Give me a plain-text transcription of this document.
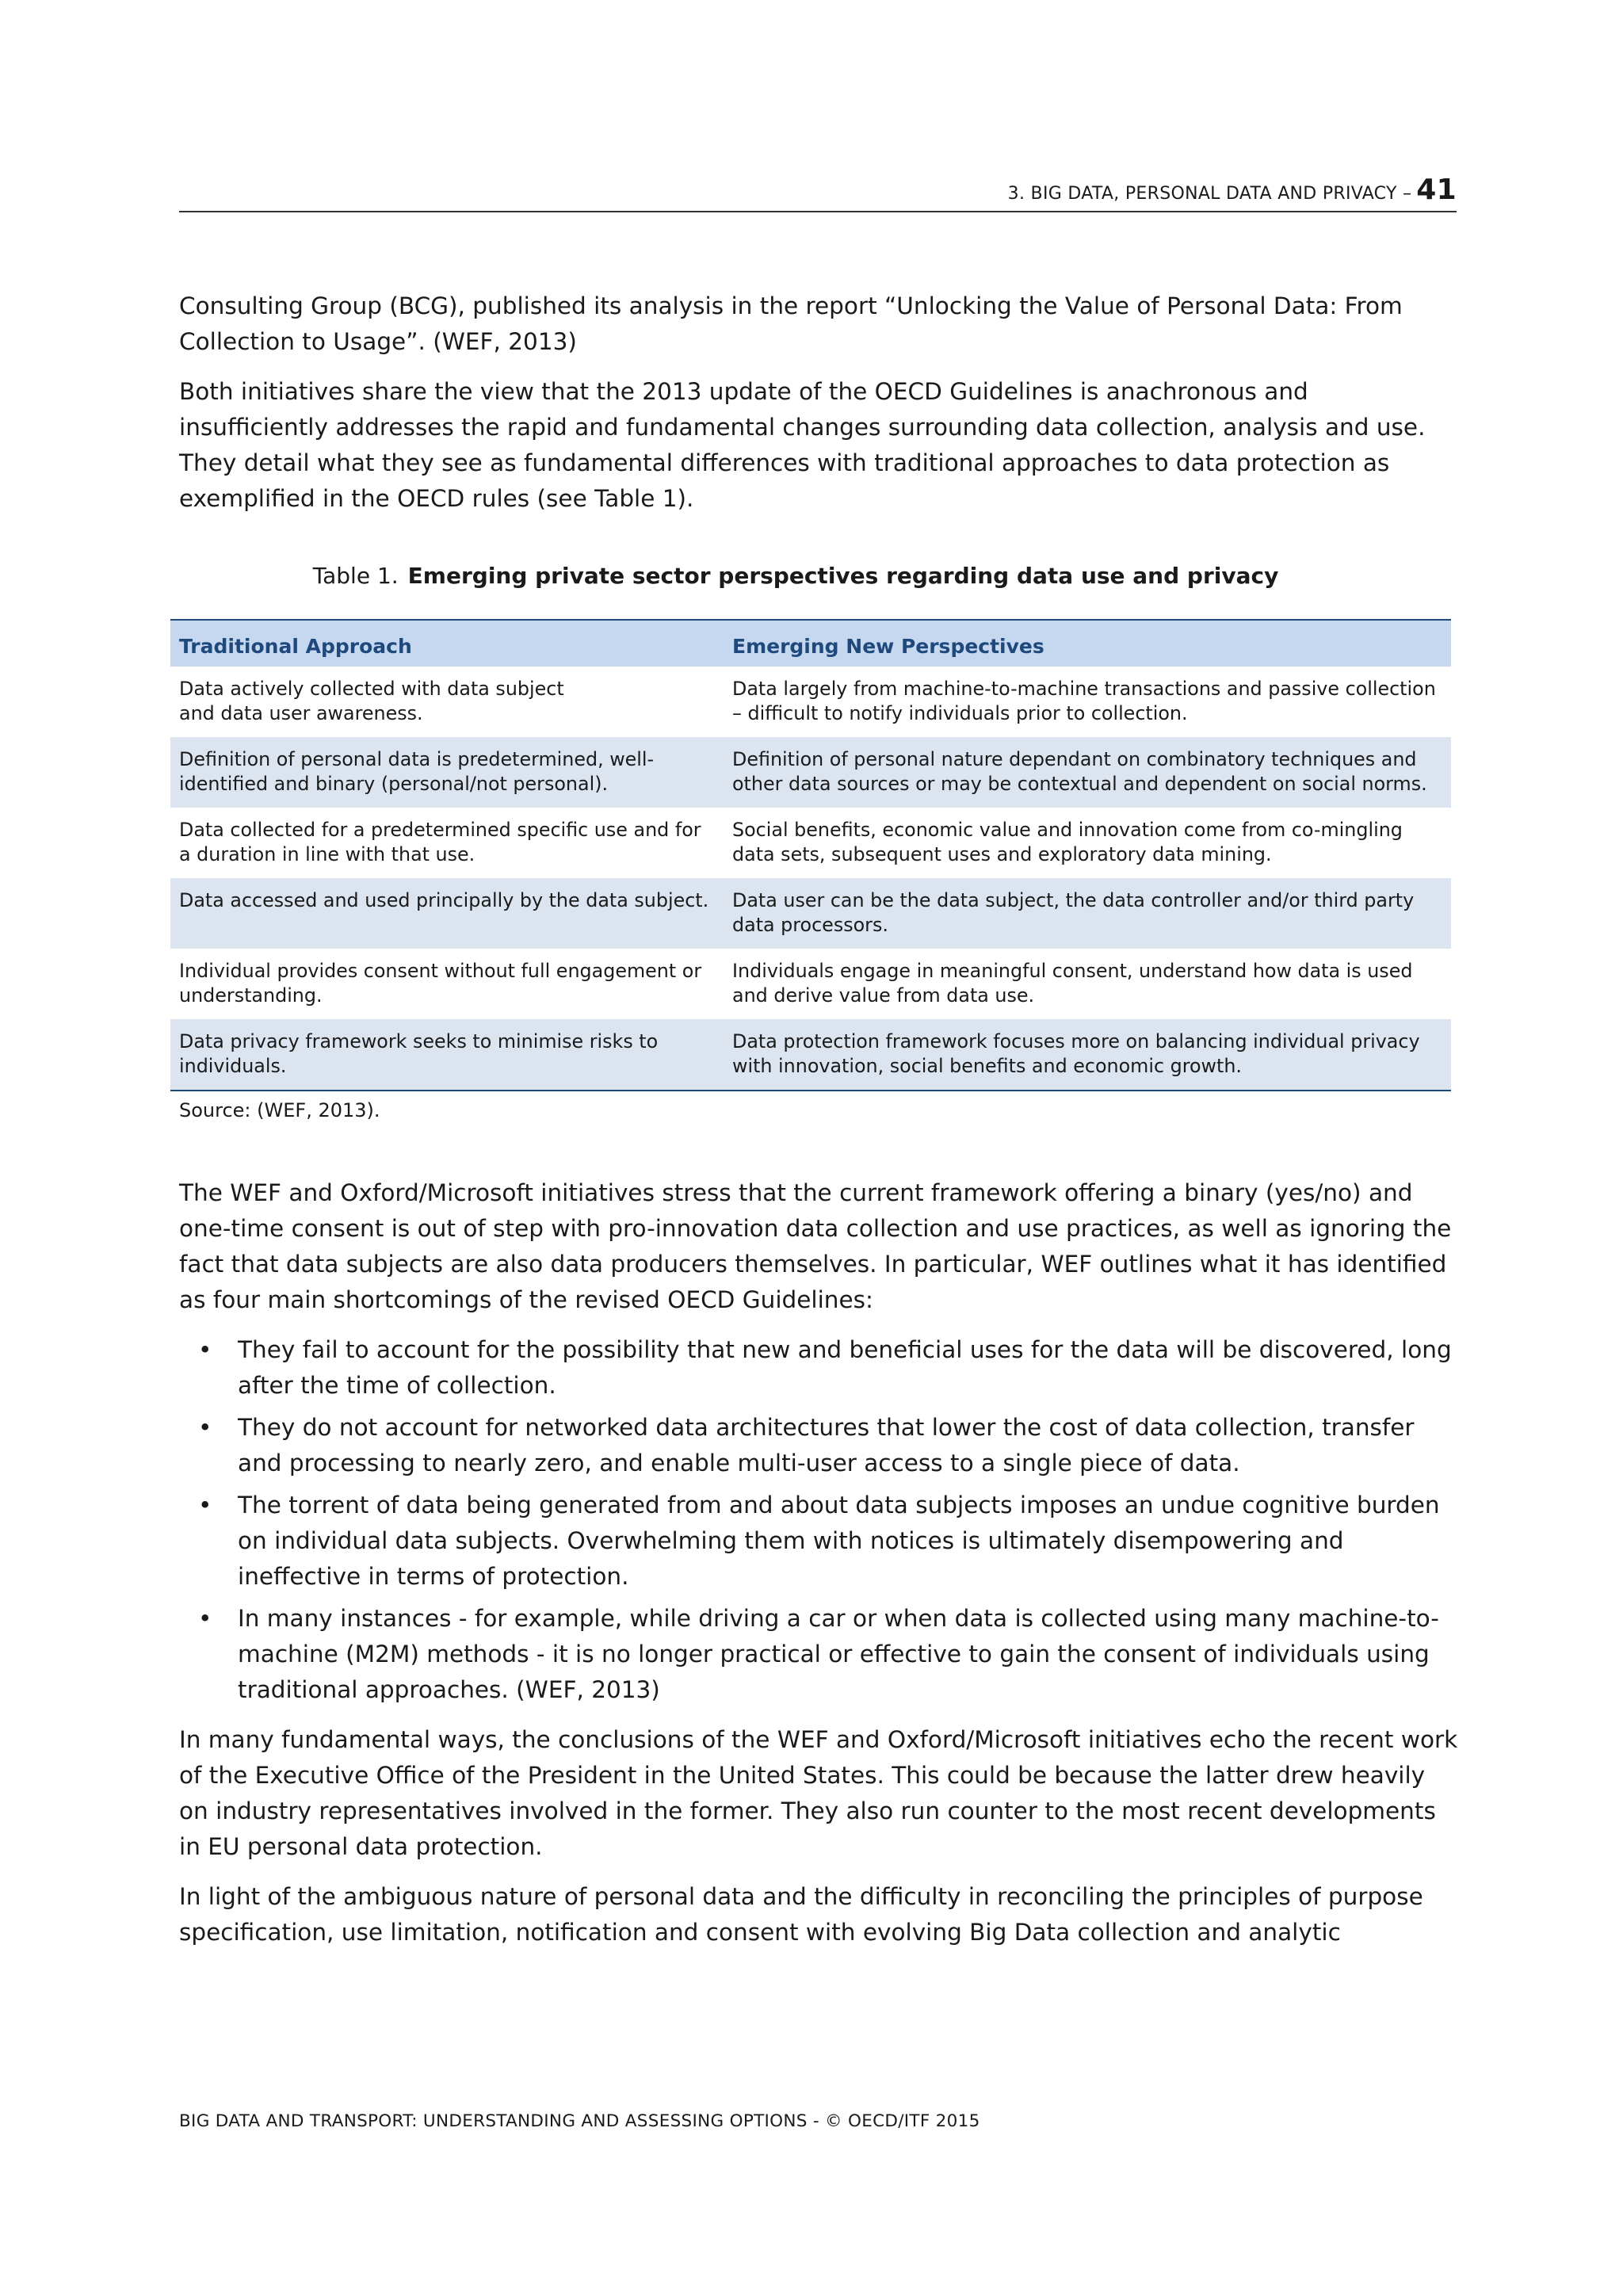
3. BIG DATA, PERSONAL DATA AND PRIVACY – 41

Consulting Group (BCG), published its analysis in the report “Unlocking the Value of Personal Data: From Collection to Usage”. (WEF, 2013)

Both initiatives share the view that the 2013 update of the OECD Guidelines is anachronous and insufficiently addresses the rapid and fundamental changes surrounding data collection, analysis and use. They detail what they see as fundamental differences with traditional approaches to data protection as exemplified in the OECD rules (see Table 1).

Table 1. Emerging private sector perspectives regarding data use and privacy
Traditional Approach	Emerging New Perspectives
Data actively collected with data subject
and data user awareness.	Data largely from machine-to-machine transactions and passive collection – difficult to notify individuals prior to collection.
Definition of personal data is predetermined, well-identified and binary (personal/not personal).	Definition of personal nature dependant on combinatory techniques and other data sources or may be contextual and dependent on social norms.
Data collected for a predetermined specific use and for a duration in line with that use.	Social benefits, economic value and innovation come from co-mingling data sets, subsequent uses and exploratory data mining.
Data accessed and used principally by the data subject.	Data user can be the data subject, the data controller and/or third party data processors.
Individual provides consent without full engagement or understanding.	Individuals engage in meaningful consent, understand how data is used and derive value from data use.
Data privacy framework seeks to minimise risks to individuals.	Data protection framework focuses more on balancing individual privacy with innovation, social benefits and economic growth.
Source: (WEF, 2013).

The WEF and Oxford/Microsoft initiatives stress that the current framework offering a binary (yes/no) and one-time consent is out of step with pro-innovation data collection and use practices, as well as ignoring the fact that data subjects are also data producers themselves. In particular, WEF outlines what it has identified as four main shortcomings of the revised OECD Guidelines:

• They fail to account for the possibility that new and beneficial uses for the data will be discovered, long after the time of collection.
• They do not account for networked data architectures that lower the cost of data collection, transfer and processing to nearly zero, and enable multi-user access to a single piece of data.
• The torrent of data being generated from and about data subjects imposes an undue cognitive burden on individual data subjects. Overwhelming them with notices is ultimately disempowering and ineffective in terms of protection.
• In many instances - for example, while driving a car or when data is collected using many machine-to-machine (M2M) methods - it is no longer practical or effective to gain the consent of individuals using traditional approaches. (WEF, 2013)

In many fundamental ways, the conclusions of the WEF and Oxford/Microsoft initiatives echo the recent work of the Executive Office of the President in the United States. This could be because the latter drew heavily on industry representatives involved in the former. They also run counter to the most recent developments in EU personal data protection.

In light of the ambiguous nature of personal data and the difficulty in reconciling the principles of purpose specification, use limitation, notification and consent with evolving Big Data collection and analytic

BIG DATA AND TRANSPORT: UNDERSTANDING AND ASSESSING OPTIONS - © OECD/ITF 2015
